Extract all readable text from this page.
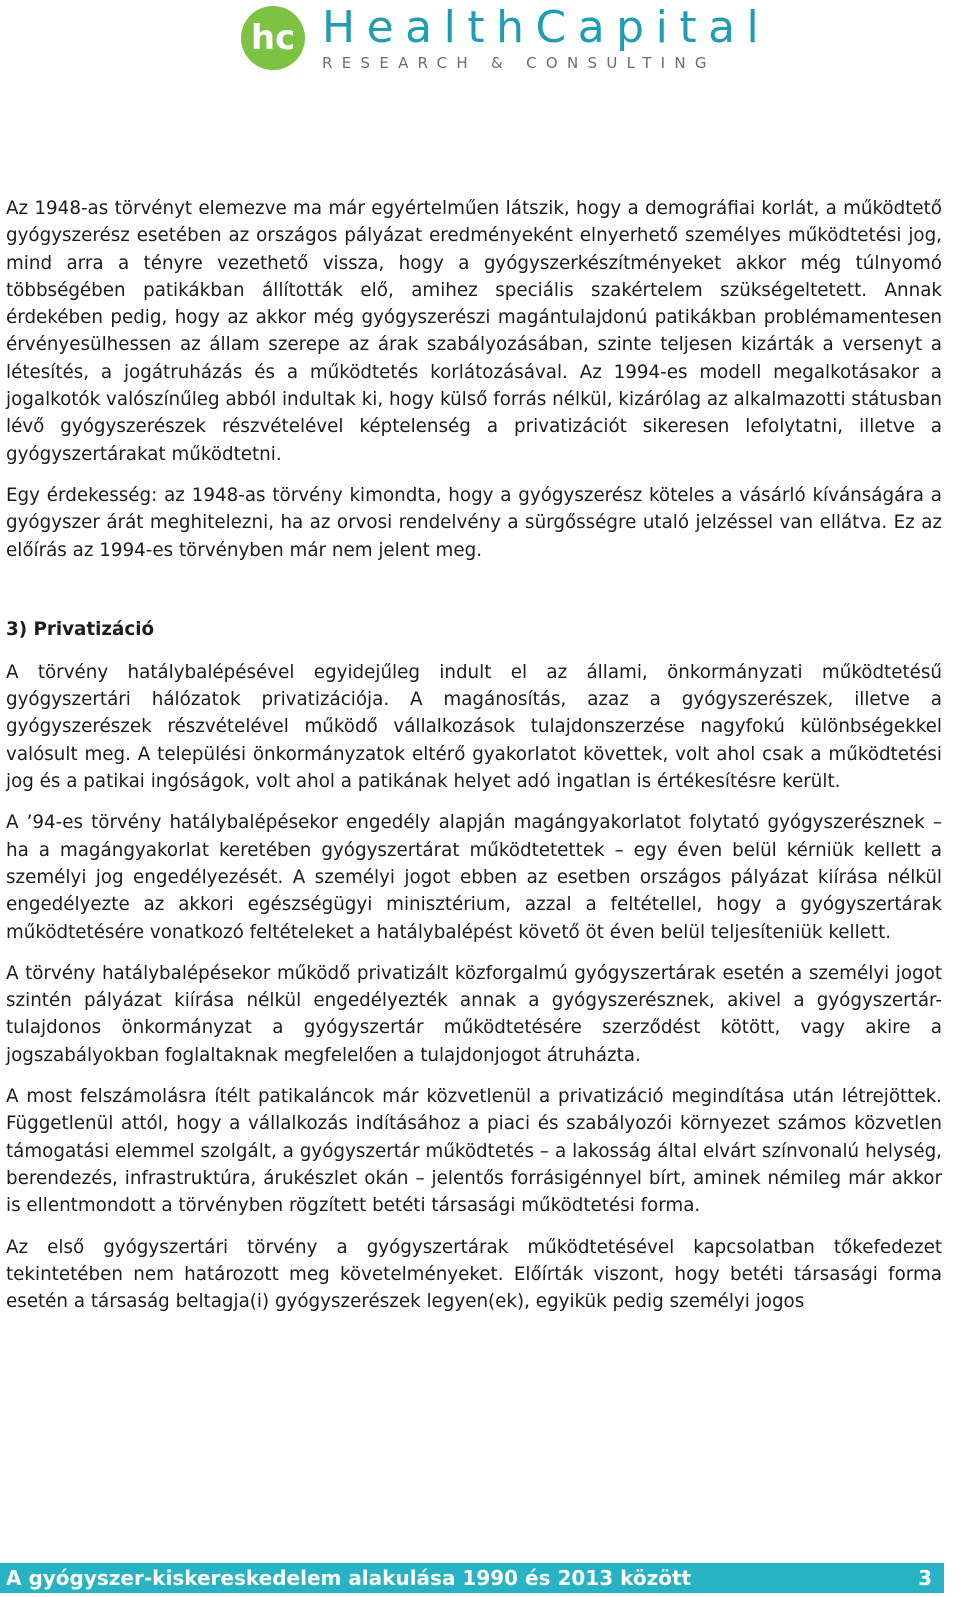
hc HealthCapital
RESEARCH & CONSULTING

Az 1948-as törvényt elemezve ma már egyértelműen látszik, hogy a demográfiai korlát, a működtető gyógyszerész esetében az országos pályázat eredményeként elnyerhető személyes működtetési jog, mind arra a tényre vezethető vissza, hogy a gyógyszerkészítményeket akkor még túlnyomó többségében patikákban állították elő, amihez speciális szakértelem szükségeltetett. Annak érdekében pedig, hogy az akkor még gyógyszerészi magántulajdonú patikákban problémamentesen érvényesülhessen az állam szerepe az árak szabályozásában, szinte teljesen kizárták a versenyt a létesítés, a jogátruházás és a működtetés korlátozásával. Az 1994-es modell megalkotásakor a jogalkotók valószínűleg abból indultak ki, hogy külső forrás nélkül, kizárólag az alkalmazotti státusban lévő gyógyszerészek részvételével képtelenség a privatizációt sikeresen lefolytatni, illetve a gyógyszertárakat működtetni.

Egy érdekesség: az 1948-as törvény kimondta, hogy a gyógyszerész köteles a vásárló kívánságára a gyógyszer árát meghitelezni, ha az orvosi rendelvény a sürgősségre utaló jelzéssel van ellátva. Ez az előírás az 1994-es törvényben már nem jelent meg.

3) Privatizáció

A törvény hatálybalépésével egyidejűleg indult el az állami, önkormányzati működtetésű gyógyszertári hálózatok privatizációja. A magánosítás, azaz a gyógyszerészek, illetve a gyógyszerészek részvételével működő vállalkozások tulajdonszerzése nagyfokú különbségekkel valósult meg. A települési önkormányzatok eltérő gyakorlatot követtek, volt ahol csak a működtetési jog és a patikai ingóságok, volt ahol a patikának helyet adó ingatlan is értékesítésre került.

A ’94-es törvény hatálybalépésekor engedély alapján magángyakorlatot folytató gyógyszerésznek – ha a magángyakorlat keretében gyógyszertárat működtetettek – egy éven belül kérniük kellett a személyi jog engedélyezését. A személyi jogot ebben az esetben országos pályázat kiírása nélkül engedélyezte az akkori egészségügyi minisztérium, azzal a feltétellel, hogy a gyógyszertárak működtetésére vonatkozó feltételeket a hatálybalépést követő öt éven belül teljesíteniük kellett.

A törvény hatálybalépésekor működő privatizált közforgalmú gyógyszertárak esetén a személyi jogot szintén pályázat kiírása nélkül engedélyezték annak a gyógyszerésznek, akivel a gyógyszertár-tulajdonos önkormányzat a gyógyszertár működtetésére szerződést kötött, vagy akire a jogszabályokban foglaltaknak megfelelően a tulajdonjogot átruházta.

A most felszámolásra ítélt patikaláncok már közvetlenül a privatizáció megindítása után létrejöttek. Függetlenül attól, hogy a vállalkozás indításához a piaci és szabályozói környezet számos közvetlen támogatási elemmel szolgált, a gyógyszertár működtetés – a lakosság által elvárt színvonalú helység, berendezés, infrastruktúra, árukészlet okán – jelentős forrásigénnyel bírt, aminek némileg már akkor is ellentmondott a törvényben rögzített betéti társasági működtetési forma.

Az első gyógyszertári törvény a gyógyszertárak működtetésével kapcsolatban tőkefedezet tekintetében nem határozott meg követelményeket. Előírták viszont, hogy betéti társasági forma esetén a társaság beltagja(i) gyógyszerészek legyen(ek), egyikük pedig személyi jogos

A gyógyszer-kiskereskedelem alakulása 1990 és 2013 között	3
